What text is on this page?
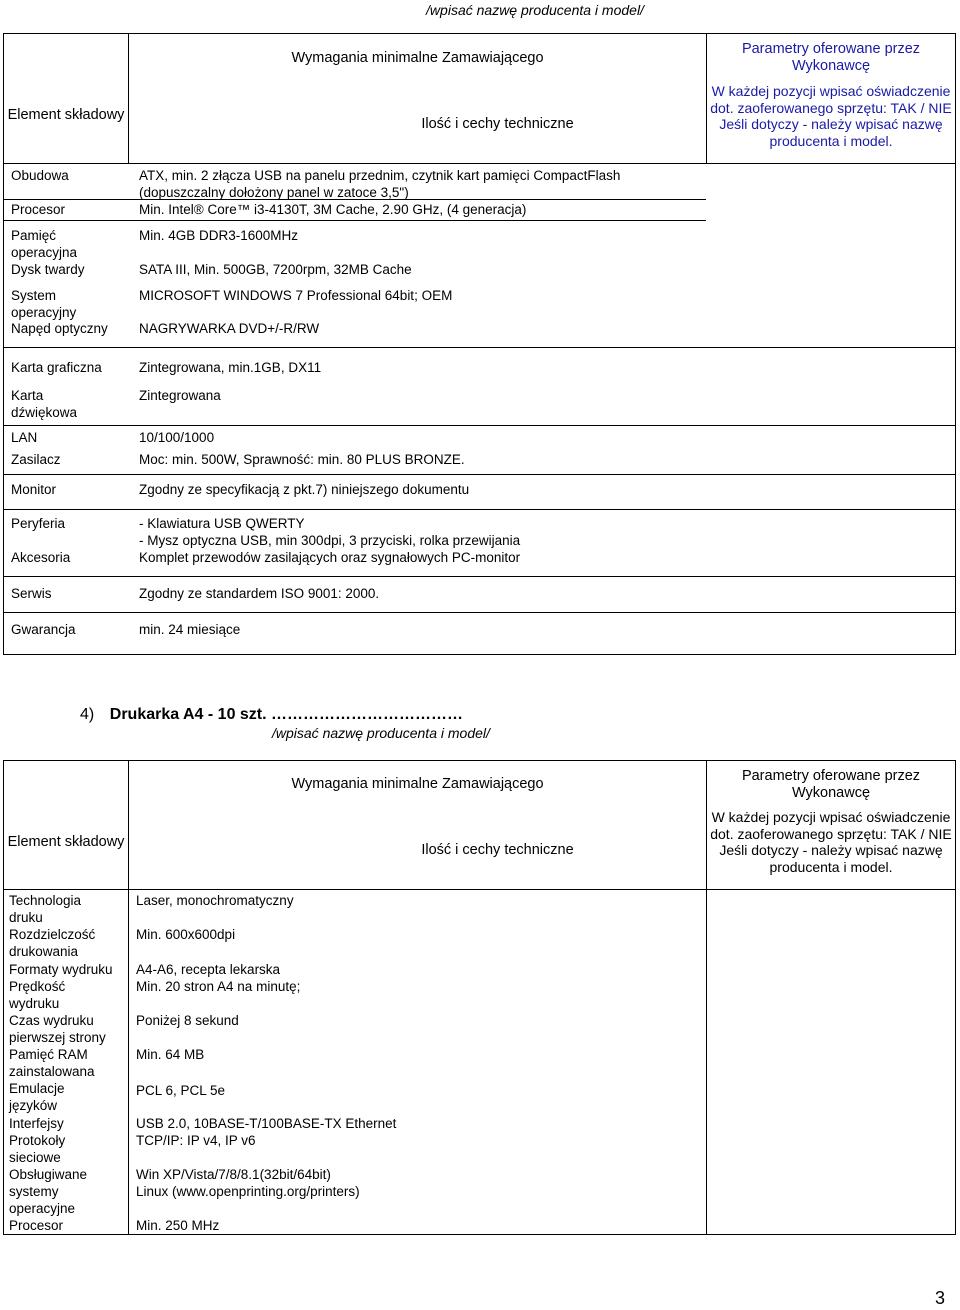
/wpisać nazwę producenta i model/
Element składowy
Wymagania minimalne Zamawiającego
Ilość i cechy techniczne
Parametry oferowane przez Wykonawcę
W każdej pozycji wpisać oświadczenie dot. zaoferowanego sprzętu: TAK / NIE Jeśli dotyczy - należy wpisać nazwę producenta i model.
Obudowa
Procesor
Pamięć operacyjna
Dysk twardy
System operacyjny
Napęd optyczny
Karta graficzna
Karta dźwiękowa
LAN
Zasilacz
Monitor
Peryferia
Akcesoria
Serwis
Gwarancja
ATX, min. 2 złącza USB na panelu przednim, czytnik kart pamięci CompactFlash
(dopuszczalny dołożony panel w zatoce 3,5")
Min. Intel® Core™ i3-4130T, 3M Cache, 2.90 GHz, (4 generacja)
Min. 4GB DDR3-1600MHz
SATA III, Min. 500GB, 7200rpm, 32MB Cache
MICROSOFT WINDOWS 7 Professional 64bit; OEM
NAGRYWARKA DVD+/-R/RW
Zintegrowana, min.1GB, DX11
Zintegrowana
10/100/1000
Moc: min. 500W, Sprawność: min. 80 PLUS BRONZE.
Zgodny ze specyfikacją z pkt.7) niniejszego dokumentu
- Klawiatura USB QWERTY
- Mysz optyczna USB, min 300dpi, 3 przyciski, rolka przewijania
Komplet przewodów zasilających oraz sygnałowych PC-monitor
Zgodny ze standardem ISO 9001: 2000.
min. 24 miesiące
4) Drukarka A4 - 10 szt. ………………………………
/wpisać nazwę producenta i model/
Element składowy
Wymagania minimalne Zamawiającego
Ilość i cechy techniczne
Parametry oferowane przez Wykonawcę
W każdej pozycji wpisać oświadczenie dot. zaoferowanego sprzętu: TAK / NIE Jeśli dotyczy - należy wpisać nazwę producenta i model.
Technologia druku
Rozdzielczość drukowania
Formaty wydruku
Prędkość wydruku
Czas wydruku pierwszej strony
Pamięć RAM zainstalowana
Emulacje języków
Interfejsy
Protokoły sieciowe
Obsługiwane systemy operacyjne
Procesor
Laser, monochromatyczny
Min. 600x600dpi
A4-A6, recepta lekarska
Min. 20 stron A4 na minutę;
Poniżej 8 sekund
Min. 64 MB
PCL 6, PCL 5e
USB 2.0, 10BASE-T/100BASE-TX Ethernet
TCP/IP: IP v4, IP v6
Win XP/Vista/7/8/8.1(32bit/64bit)
Linux (www.openprinting.org/printers)
Min. 250 MHz
3
